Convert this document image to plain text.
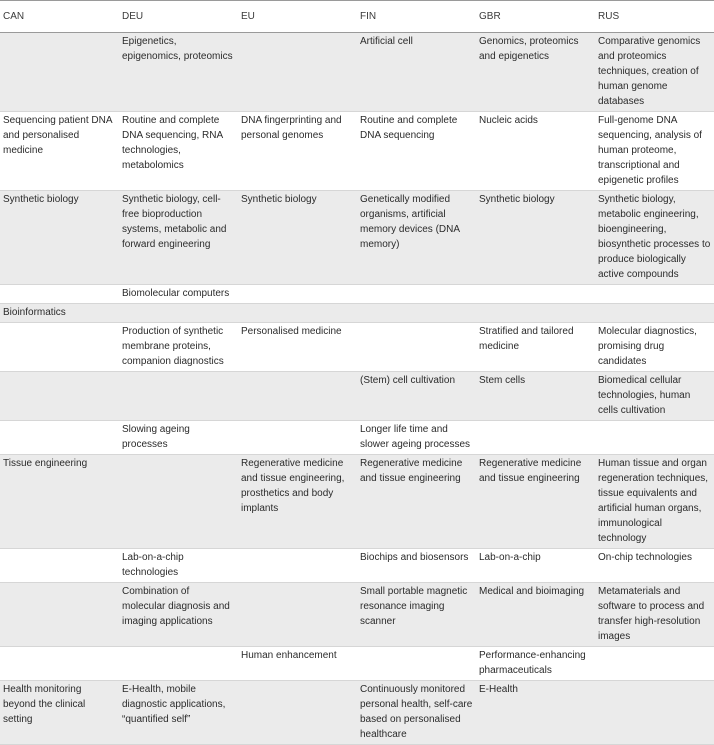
CAN	DEU	EU	FIN	GBR	RUS
	Epigenetics, epigenomics, proteomics		Artificial cell	Genomics, proteomics and epigenetics	Comparative genomics and proteomics techniques, creation of human genome databases
Sequencing patient DNA and personalised medicine	Routine and complete DNA sequencing, RNA technologies, metabolomics	DNA fingerprinting and personal genomes	Routine and complete DNA sequencing	Nucleic acids	Full-genome DNA sequencing, analysis of human proteome, transcriptional and epigenetic profiles
Synthetic biology	Synthetic biology, cell-free bioproduction systems, metabolic and forward engineering	Synthetic biology	Genetically modified organisms, artificial memory devices (DNA memory)	Synthetic biology	Synthetic biology, metabolic engineering, bioengineering, biosynthetic processes to produce biologically active compounds
	Biomolecular computers				
Bioinformatics					
	Production of synthetic membrane proteins, companion diagnostics	Personalised medicine		Stratified and tailored medicine	Molecular diagnostics, promising drug candidates
			(Stem) cell cultivation	Stem cells	Biomedical cellular technologies, human cells cultivation
	Slowing ageing processes		Longer life time and slower ageing processes		
Tissue engineering		Regenerative medicine and tissue engineering, prosthetics and body implants	Regenerative medicine and tissue engineering	Regenerative medicine and tissue engineering	Human tissue and organ regeneration techniques, tissue equivalents and artificial human organs, immunological technology
	Lab-on-a-chip technologies		Biochips and biosensors	Lab-on-a-chip	On-chip technologies
	Combination of molecular diagnosis and imaging applications		Small portable magnetic resonance imaging scanner	Medical and bioimaging	Metamaterials and software to process and transfer high-resolution images
		Human enhancement		Performance-enhancing pharmaceuticals	
Health monitoring beyond the clinical setting	E-Health, mobile diagnostic applications, “quantified self”		Continuously monitored personal health, self-care based on personalised healthcare	E-Health	
